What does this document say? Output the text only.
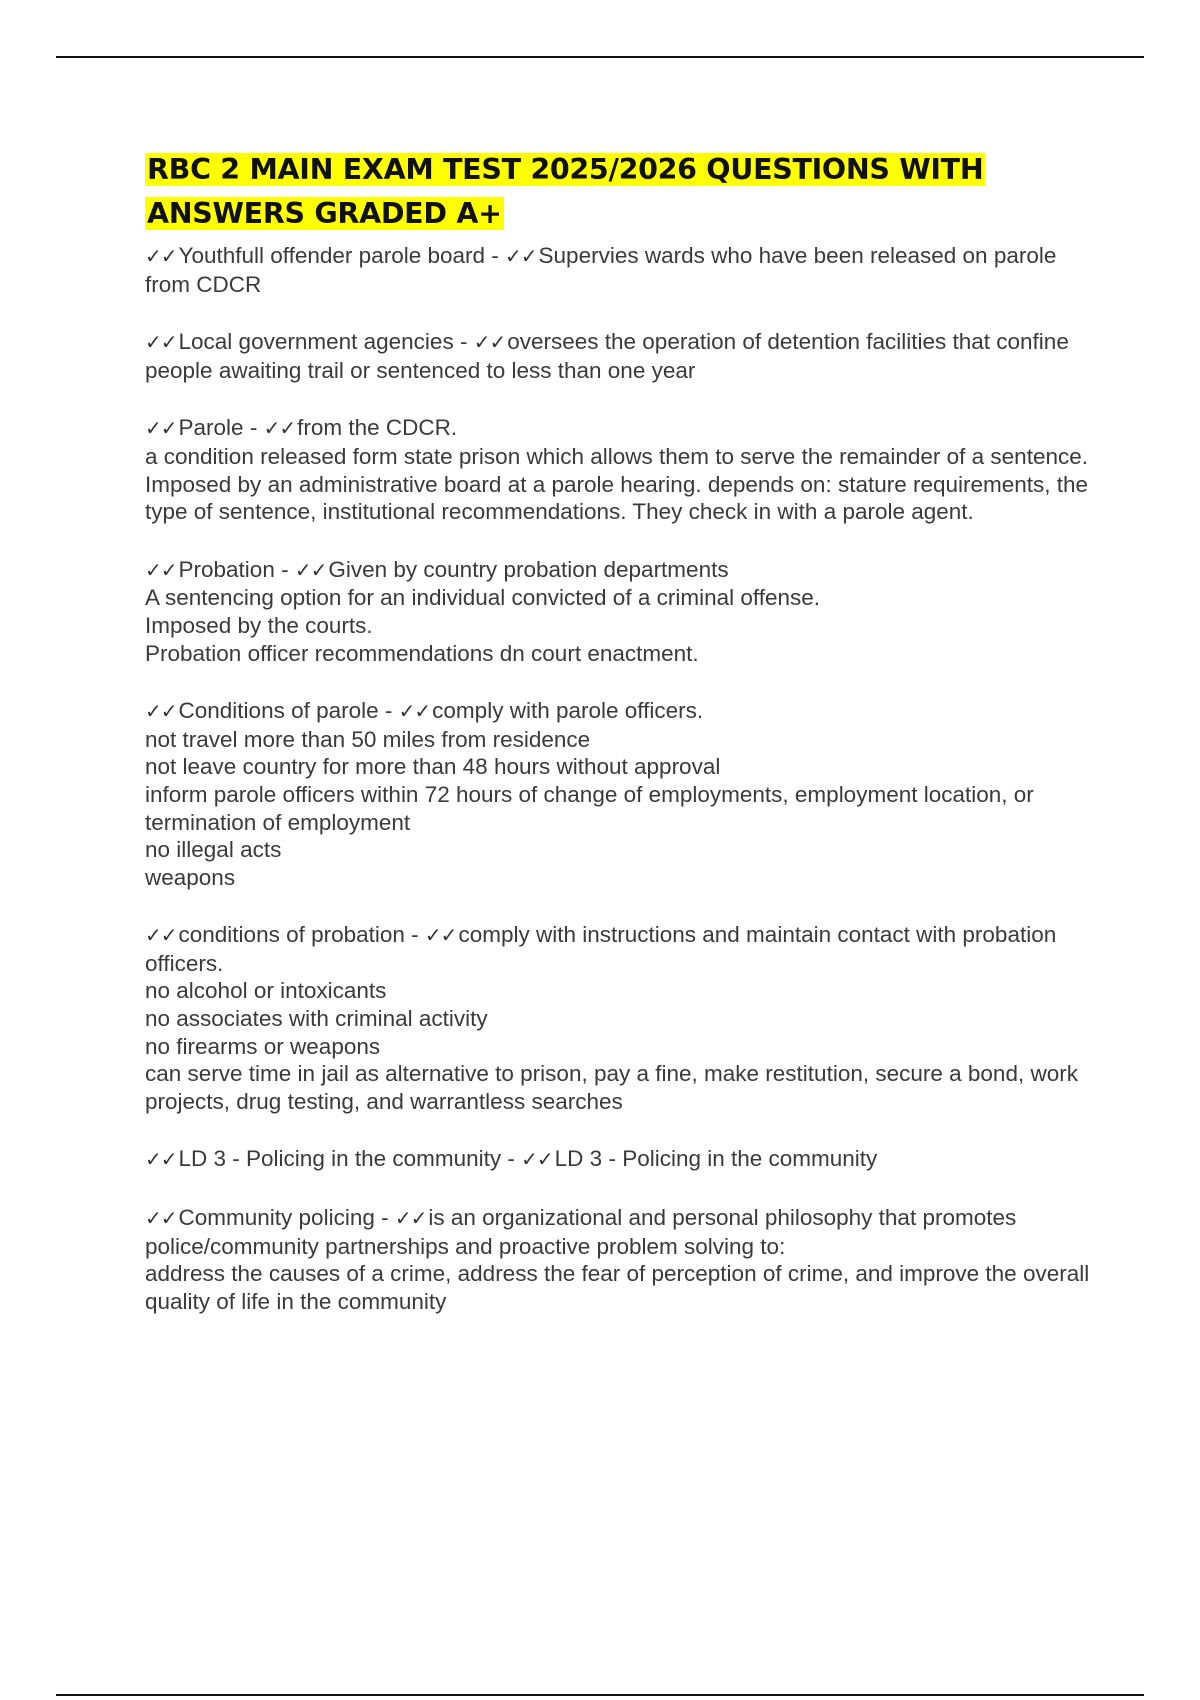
RBC 2 MAIN EXAM TEST 2025/2026 QUESTIONS WITH ANSWERS GRADED A+

✓✓Youthfull offender parole board - ✓✓Supervies wards who have been released on parole from CDCR

✓✓Local government agencies - ✓✓oversees the operation of detention facilities that confine people awaiting trail or sentenced to less than one year

✓✓Parole - ✓✓from the CDCR.

a condition released form state prison which allows them to serve the remainder of a sentence. Imposed by an administrative board at a parole hearing. depends on: stature requirements, the type of sentence, institutional recommendations. They check in with a parole agent.

✓✓Probation - ✓✓Given by country probation departments

A sentencing option for an individual convicted of a criminal offense.

Imposed by the courts.

Probation officer recommendations dn court enactment.

✓✓Conditions of parole - ✓✓comply with parole officers.

not travel more than 50 miles from residence

not leave country for more than 48 hours without approval

inform parole officers within 72 hours of change of employments, employment location, or termination of employment

no illegal acts

weapons

✓✓conditions of probation - ✓✓comply with instructions and maintain contact with probation officers.

no alcohol or intoxicants

no associates with criminal activity

no firearms or weapons

can serve time in jail as alternative to prison, pay a fine, make restitution, secure a bond, work projects, drug testing, and warrantless searches

✓✓LD 3 - Policing in the community - ✓✓LD 3 - Policing in the community

✓✓Community policing - ✓✓is an organizational and personal philosophy that promotes police/community partnerships and proactive problem solving to:

address the causes of a crime, address the fear of perception of crime, and improve the overall quality of life in the community
